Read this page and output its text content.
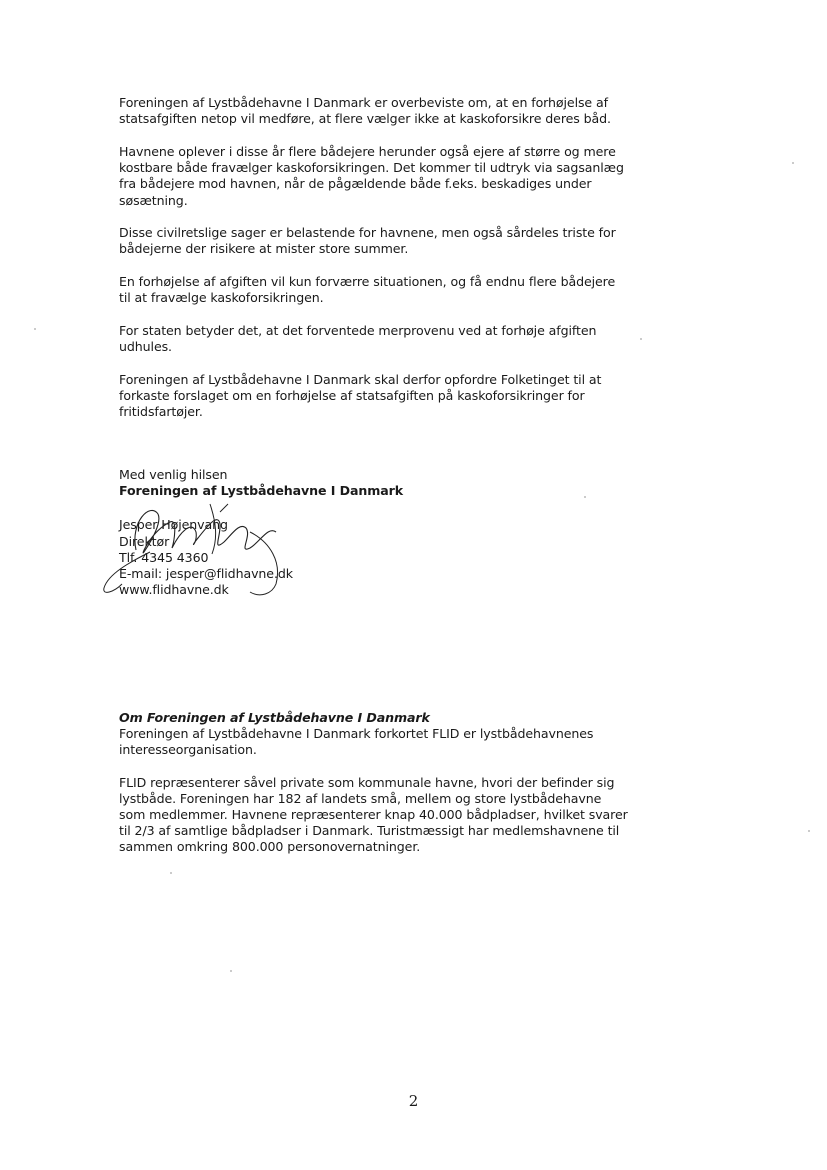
Foreningen af Lystbådehavne I Danmark er overbeviste om, at en forhøjelse af
statsafgiften netop vil medføre, at flere vælger ikke at kaskoforsikre deres båd.
Havnene oplever i disse år flere bådejere herunder også ejere af større og mere
kostbare både fravælger kaskoforsikringen. Det kommer til udtryk via sagsanlæg
fra bådejere mod havnen, når de pågældende både f.eks. beskadiges under
søsætning.
Disse civilretslige sager er belastende for havnene, men også sårdeles triste for
bådejerne der risikere at mister store summer.
En forhøjelse af afgiften vil kun forværre situationen, og få endnu flere bådejere
til at fravælge kaskoforsikringen.
For staten betyder det, at det forventede merprovenu ved at forhøje afgiften
udhules.
Foreningen af Lystbådehavne I Danmark skal derfor opfordre Folketinget til at
forkaste forslaget om en forhøjelse af statsafgiften på kaskoforsikringer for
fritidsfartøjer.
Med venlig hilsen
Foreningen af Lystbådehavne I Danmark
Jesper Højenvang
Direktør
Tlf. 4345 4360
E-mail: jesper@flidhavne.dk
www.flidhavne.dk
Om Foreningen af Lystbådehavne I Danmark
Foreningen af Lystbådehavne I Danmark forkortet FLID er lystbådehavnenes
interesseorganisation.
FLID repræsenterer såvel private som kommunale havne, hvori der befinder sig
lystbåde. Foreningen har 182 af landets små, mellem og store lystbådehavne
som medlemmer. Havnene repræsenterer knap 40.000 bådpladser, hvilket svarer
til 2/3 af samtlige bådpladser i Danmark. Turistmæssigt har medlemshavnene til
sammen omkring 800.000 personovernatninger.
2
